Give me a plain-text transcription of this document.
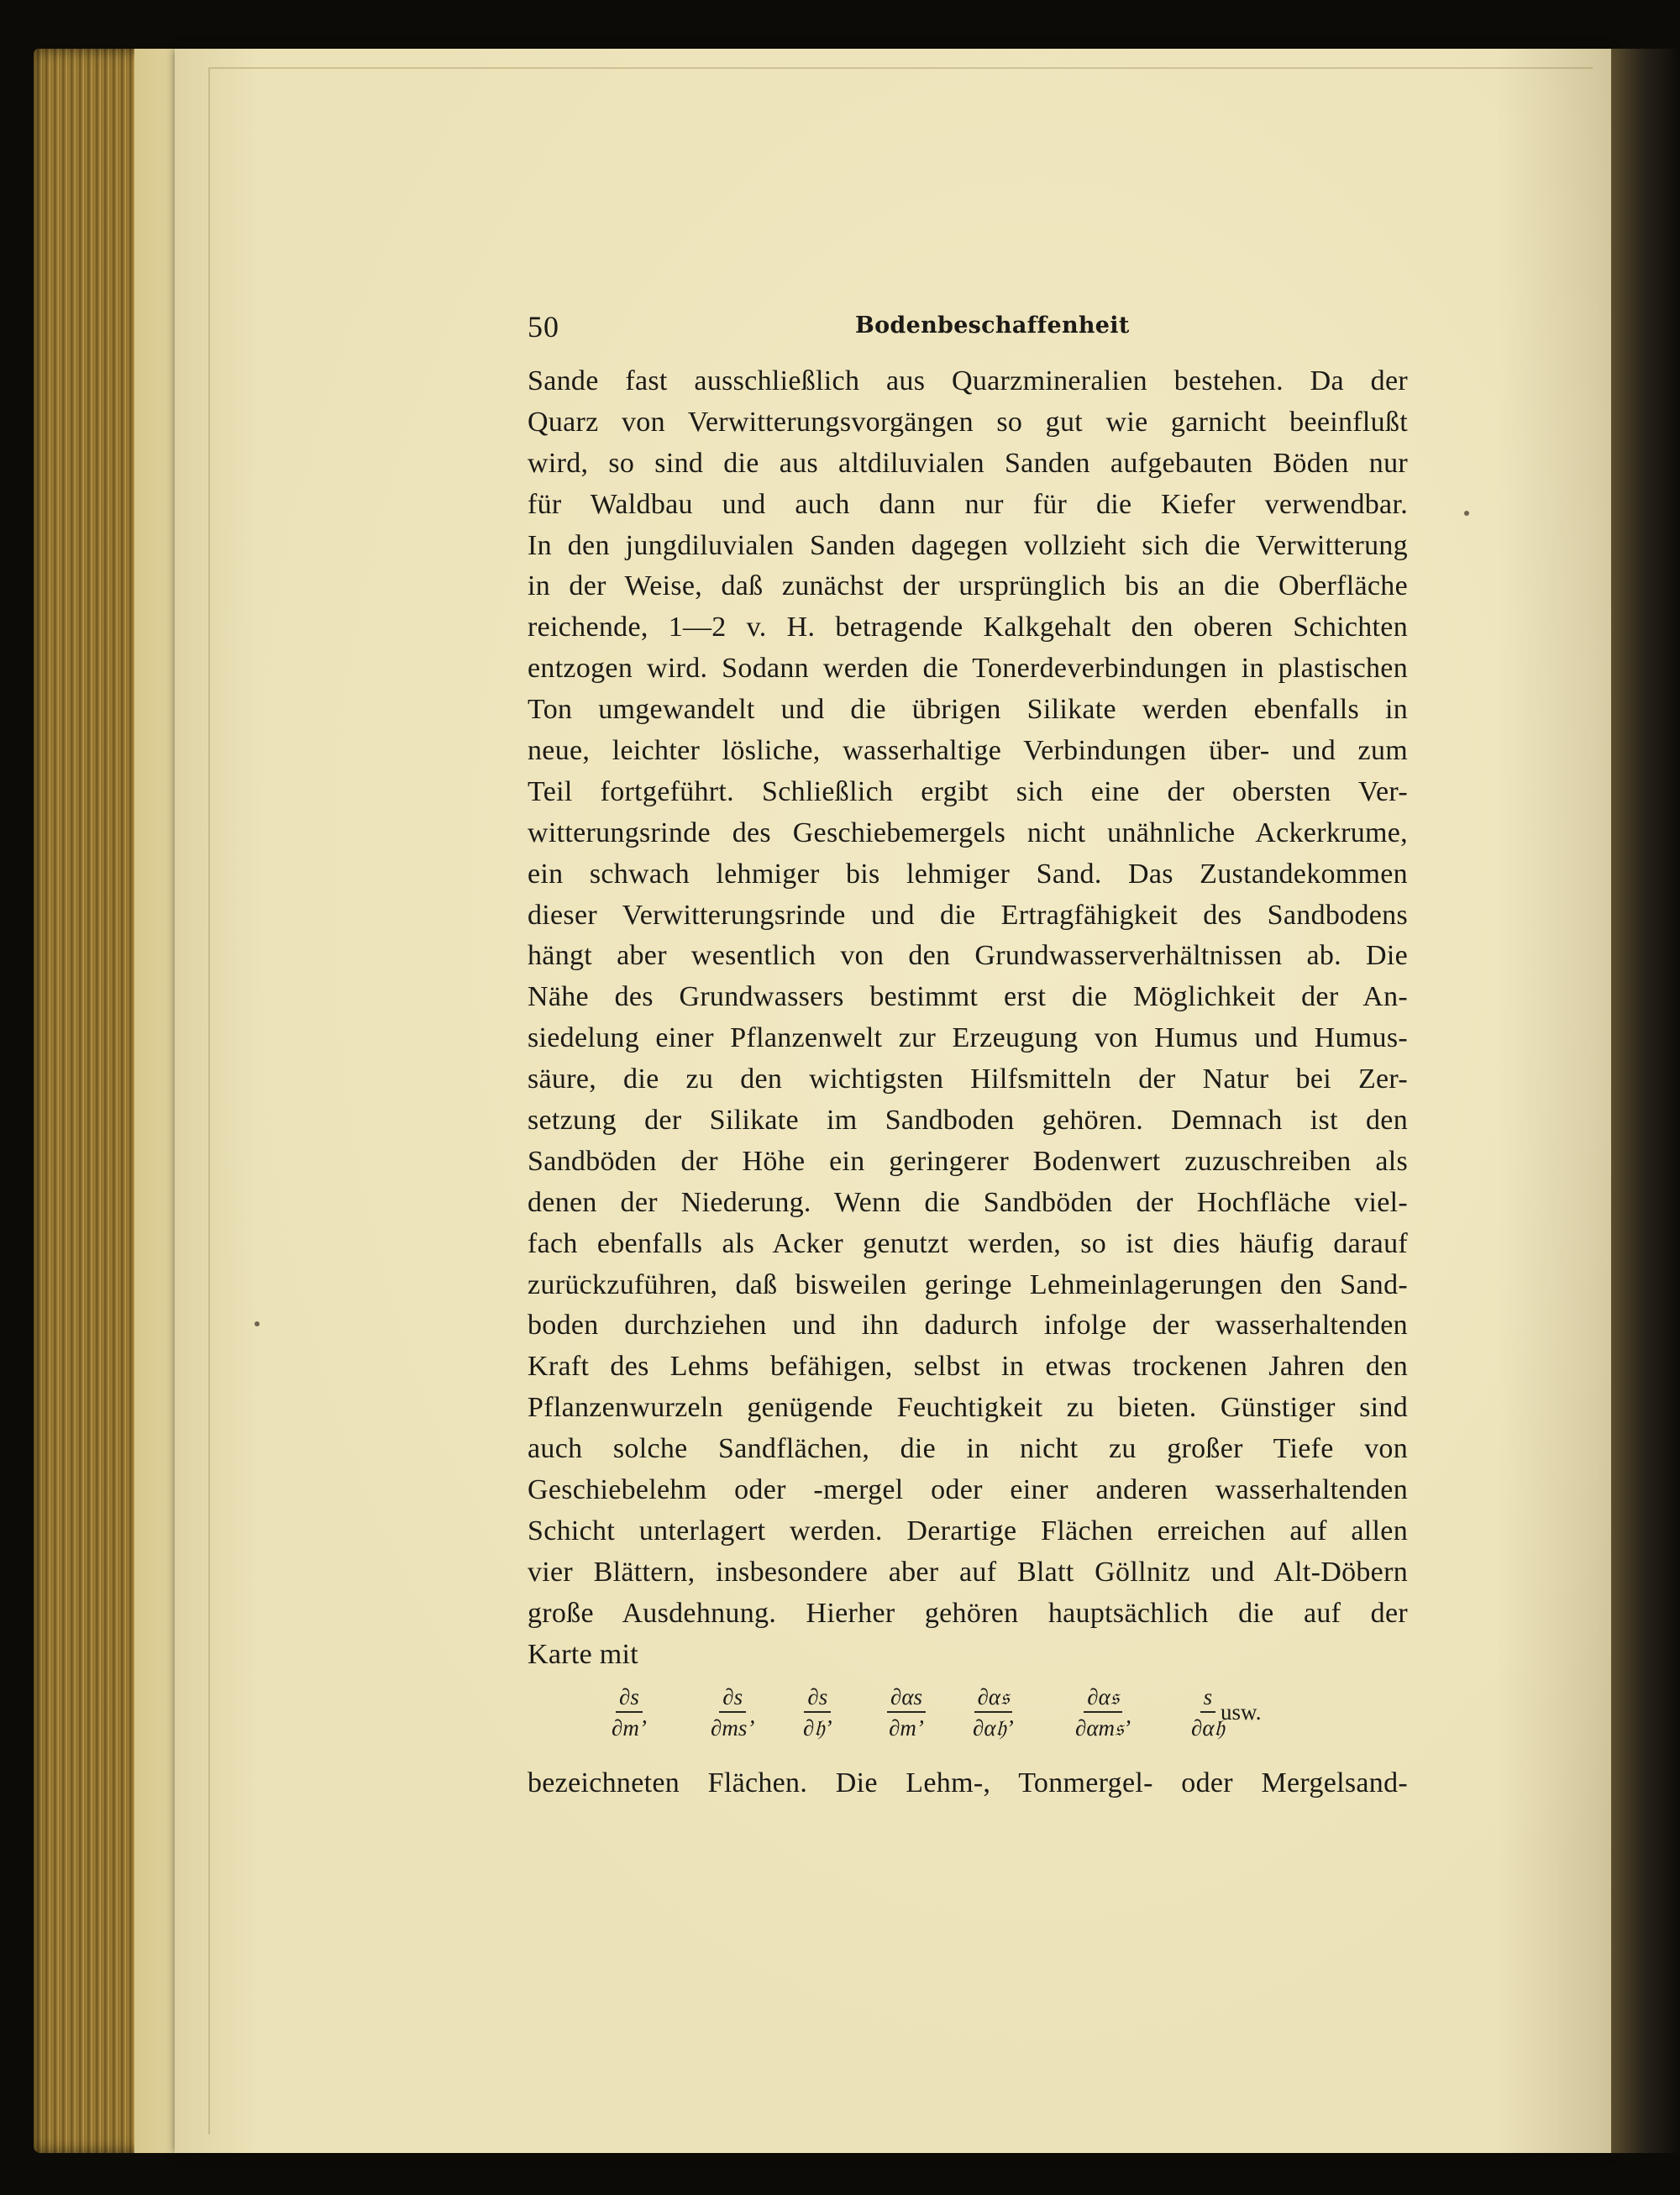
50	Bodenbeschaffenheit
Sande fast ausschließlich aus Quarzmineralien bestehen. Da der
Quarz von Verwitterungsvorgängen so gut wie garnicht beeinflußt
wird, so sind die aus altdiluvialen Sanden aufgebauten Böden nur
für Waldbau und auch dann nur für die Kiefer verwendbar.
In den jungdiluvialen Sanden dagegen vollzieht sich die Verwitterung
in der Weise, daß zunächst der ursprünglich bis an die Oberfläche
reichende, 1—2 v. H. betragende Kalkgehalt den oberen Schichten
entzogen wird. Sodann werden die Tonerdeverbindungen in plastischen
Ton umgewandelt und die übrigen Silikate werden ebenfalls in
neue, leichter lösliche, wasserhaltige Verbindungen über- und zum
Teil fortgeführt. Schließlich ergibt sich eine der obersten Ver-
witterungsrinde des Geschiebemergels nicht unähnliche Ackerkrume,
ein schwach lehmiger bis lehmiger Sand. Das Zustandekommen
dieser Verwitterungsrinde und die Ertragfähigkeit des Sandbodens
hängt aber wesentlich von den Grundwasserverhältnissen ab. Die
Nähe des Grundwassers bestimmt erst die Möglichkeit der An-
siedelung einer Pflanzenwelt zur Erzeugung von Humus und Humus-
säure, die zu den wichtigsten Hilfsmitteln der Natur bei Zer-
setzung der Silikate im Sandboden gehören. Demnach ist den
Sandböden der Höhe ein geringerer Bodenwert zuzuschreiben als
denen der Niederung. Wenn die Sandböden der Hochfläche viel-
fach ebenfalls als Acker genutzt werden, so ist dies häufig darauf
zurückzuführen, daß bisweilen geringe Lehmeinlagerungen den Sand-
boden durchziehen und ihn dadurch infolge der wasserhaltenden
Kraft des Lehms befähigen, selbst in etwas trockenen Jahren den
Pflanzenwurzeln genügende Feuchtigkeit zu bieten. Günstiger sind
auch solche Sandflächen, die in nicht zu großer Tiefe von
Geschiebelehm oder -mergel oder einer anderen wasserhaltenden
Schicht unterlagert werden. Derartige Flächen erreichen auf allen
vier Blättern, insbesondere aber auf Blatt Göllnitz und Alt-Döbern
große Ausdehnung. Hierher gehören hauptsächlich die auf der
Karte mit
usw.
$\frac{\partial s}{\partial m’}$	$\frac{\partial s}{\partial ms’} \partial s$
∂𝔥’ $\frac{\partial\alpha s}{\partial m’}$ ∂α𝔰
∂α𝔥’
∂α𝔰
∂αm𝔰’
s
∂α𝔥
bezeichneten Flächen. Die Lehm-, Tonmergel- oder Mergelsand-
